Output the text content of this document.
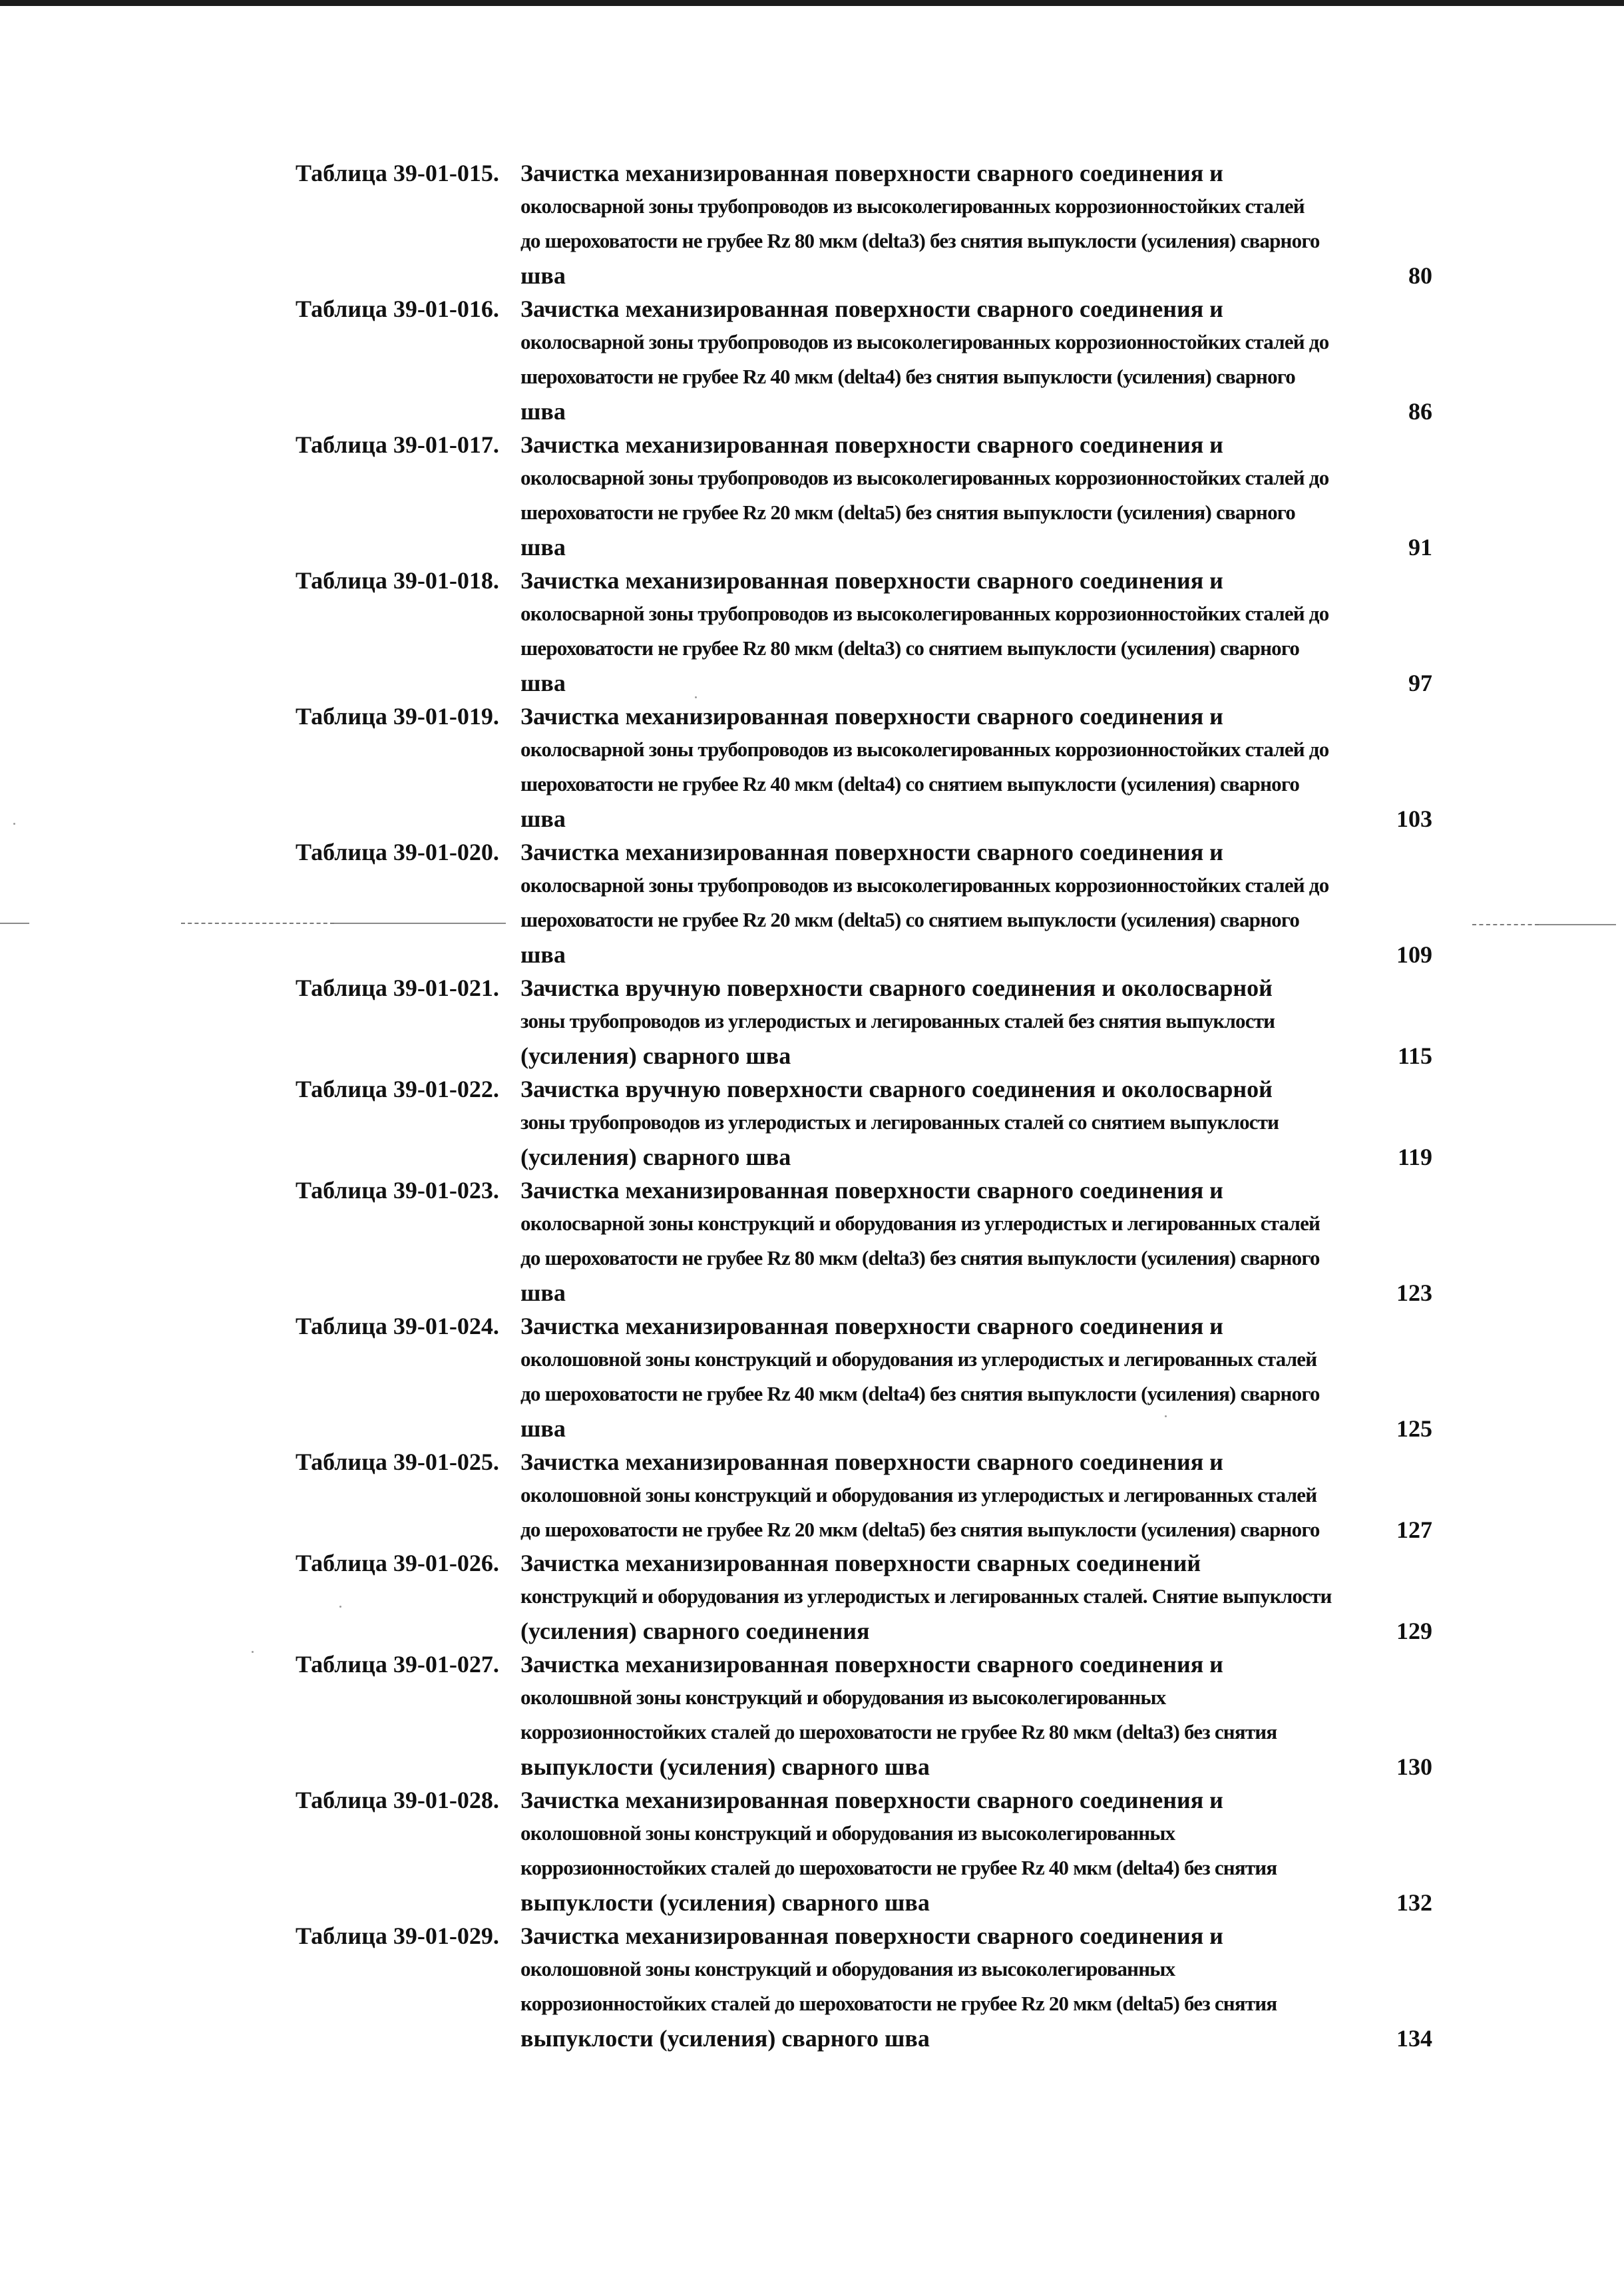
Таблица 39-01-015. Зачистка механизированная поверхности сварного соединения и
околосварной зоны трубопроводов из высоколегированных коррозионностойких сталей
до шероховатости не грубее Rz 80 мкм (delta3) без снятия выпуклости (усиления) сварного
шва	80
Таблица 39-01-016. Зачистка механизированная поверхности сварного соединения и
околосварной зоны трубопроводов из высоколегированных коррозионностойких сталей до
шероховатости не грубее Rz 40 мкм (delta4) без снятия выпуклости (усиления) сварного
шва	86
Таблица 39-01-017. Зачистка механизированная поверхности сварного соединения и
околосварной зоны трубопроводов из высоколегированных коррозионностойких сталей до
шероховатости не грубее Rz 20 мкм (delta5) без снятия выпуклости (усиления) сварного
шва	91
Таблица 39-01-018. Зачистка механизированная поверхности сварного соединения и
околосварной зоны трубопроводов из высоколегированных коррозионностойких сталей до
шероховатости не грубее Rz 80 мкм (delta3) со снятием выпуклости (усиления) сварного
шва	97
Таблица 39-01-019. Зачистка механизированная поверхности сварного соединения и
околосварной зоны трубопроводов из высоколегированных коррозионностойких сталей до
шероховатости не грубее Rz 40 мкм (delta4) со снятием выпуклости (усиления) сварного
шва	103
Таблица 39-01-020. Зачистка механизированная поверхности сварного соединения и
околосварной зоны трубопроводов из высоколегированных коррозионностойких сталей до
шероховатости не грубее Rz 20 мкм (delta5) со снятием выпуклости (усиления) сварного
шва	109
Таблица 39-01-021. Зачистка вручную поверхности сварного соединения и околосварной
зоны трубопроводов из углеродистых и легированных сталей без снятия выпуклости
(усиления) сварного шва	115
Таблица 39-01-022. Зачистка вручную поверхности сварного соединения и околосварной
зоны трубопроводов из углеродистых и легированных сталей со снятием выпуклости
(усиления) сварного шва	119
Таблица 39-01-023. Зачистка механизированная поверхности сварного соединения и
околосварной зоны конструкций и оборудования из углеродистых и легированных сталей
до шероховатости не грубее Rz 80 мкм (delta3) без снятия выпуклости (усиления) сварного
шва	123
Таблица 39-01-024. Зачистка механизированная поверхности сварного соединения и
околошовной зоны конструкций и оборудования из углеродистых и легированных сталей
до шероховатости не грубее Rz 40 мкм (delta4) без снятия выпуклости (усиления) сварного
шва	125
Таблица 39-01-025. Зачистка механизированная поверхности сварного соединения и
околошовной зоны конструкций и оборудования из углеродистых и легированных сталей
до шероховатости не грубее Rz 20 мкм (delta5) без снятия выпуклости (усиления) сварного	127
Таблица 39-01-026. Зачистка механизированная поверхности сварных соединений
конструкций и оборудования из углеродистых и легированных сталей. Снятие выпуклости
(усиления) сварного соединения	129
Таблица 39-01-027. Зачистка механизированная поверхности сварного соединения и
околошвной зоны конструкций и оборудования из высоколегированных
коррозионностойких сталей до шероховатости не грубее Rz 80 мкм (delta3) без снятия
выпуклости (усиления) сварного шва	130
Таблица 39-01-028. Зачистка механизированная поверхности сварного соединения и
околошовной зоны конструкций и оборудования из высоколегированных
коррозионностойких сталей до шероховатости не грубее Rz 40 мкм (delta4) без снятия
выпуклости (усиления) сварного шва	132
Таблица 39-01-029. Зачистка механизированная поверхности сварного соединения и
околошовной зоны конструкций и оборудования из высоколегированных
коррозионностойких сталей до шероховатости не грубее Rz 20 мкм (delta5) без снятия
выпуклости (усиления) сварного шва	134
